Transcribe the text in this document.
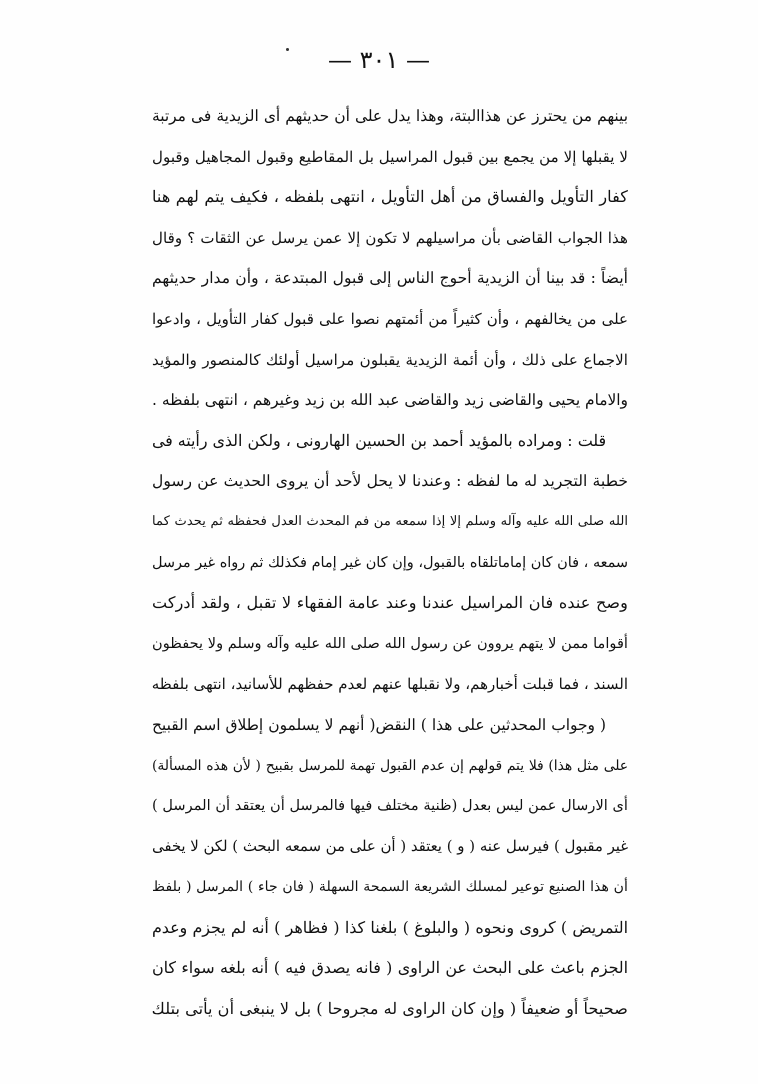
— ٣٠١ —
بينهم من يحترز عن هذاالبتة، وهذا يدل على أن حديثهم أى الزيدية فى مرتبة
لا يقبلها إلا من يجمع بين قبول المراسيل بل المقاطيع وقبول المجاهيل وقبول
كفار التأويل والفساق من أهل التأويل ، انتهى بلفظه ، فكيف يتم لهم هنا
هذا الجواب القاضى بأن مراسيلهم لا تكون إلا عمن يرسل عن الثقات ؟ وقال
أيضاً : قد بينا أن الزيدية أحوج الناس إلى قبول المبتدعة ، وأن مدار حديثهم
على من يخالفهم ، وأن كثيراً من أئمتهم نصوا على قبول كفار التأويل ، وادعوا
الاجماع على ذلك ، وأن أئمة الزيدية يقبلون مراسيل أولئك كالمنصور والمؤيد
والامام يحيى والقاضى زيد والقاضى عبد الله بن زيد وغيرهم ، انتهى بلفظه .
قلت : ومراده بالمؤيد أحمد بن الحسين الهارونى ، ولكن الذى رأيته فى
خطبة التجريد له ما لفظه : وعندنا لا يحل لأحد أن يروى الحديث عن رسول
الله صلى الله عليه وآله وسلم إلا إذا سمعه من فم المحدث العدل فحفظه ثم يحدث كما
سمعه ، فان كان إماماتلقاه بالقبول، وإن كان غير إمام فكذلك ثم رواه غير مرسل
وصح عنده فان المراسيل عندنا وعند عامة الفقهاء لا تقبل ، ولقد أدركت
أقواما ممن لا يتهم يروون عن رسول الله صلى الله عليه وآله وسلم ولا يحفظون
السند ، فما قبلت أخبارهم، ولا نقبلها عنهم لعدم حفظهم للأسانيد، انتهى بلفظه
( وجواب المحدثين على هذا ) النقض( أنهم لا يسلمون إطلاق اسم القبيح
على مثل هذا) فلا يتم قولهم إن عدم القبول تهمة للمرسل بقبيح ( لأن هذه المسألة)
أى الارسال عمن ليس بعدل (ظنية مختلف فيها فالمرسل أن يعتقد أن المرسل )
غير مقبول ) فيرسل عنه ( و ) يعتقد ( أن على من سمعه البحث ) لكن لا يخفى
أن هذا الصنيع توعير لمسلك الشريعة السمحة السهلة ( فان جاء ) المرسل ( بلفظ
التمريض ) كروى ونحوه ( والبلوغ ) بلغنا كذا ( فظاهر ) أنه لم يجزم وعدم
الجزم باعث على البحث عن الراوى ( فانه يصدق فيه ) أنه بلغه سواء كان
صحيحاً أو ضعيفاً ( وإن كان الراوى له مجروحا ) بل لا ينبغى أن يأتى بتلك
